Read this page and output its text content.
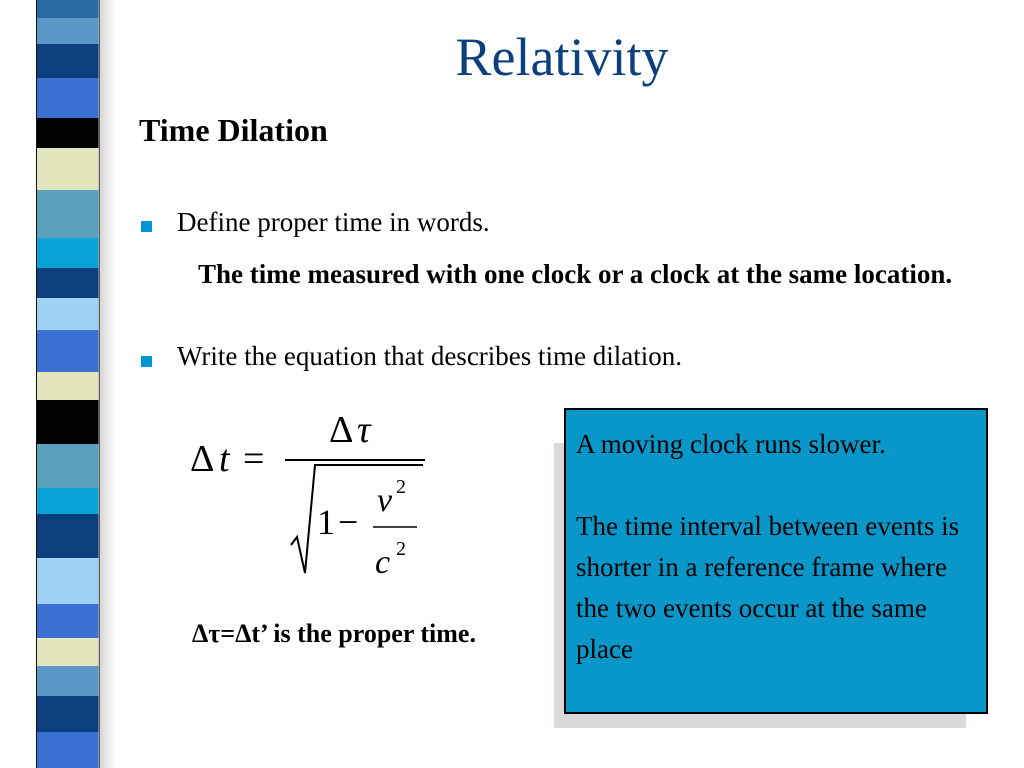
Relativity
Time Dilation
Define proper time in words.
The time measured with one clock or a clock at the same location.
Write the equation that describes time dilation.
Δ t =
Δ τ
1 −
v 2
c 2
Δτ=Δt’ is the proper time.

A moving clock runs slower.

The time interval between events is shorter in a reference frame where the two events occur at the same place
